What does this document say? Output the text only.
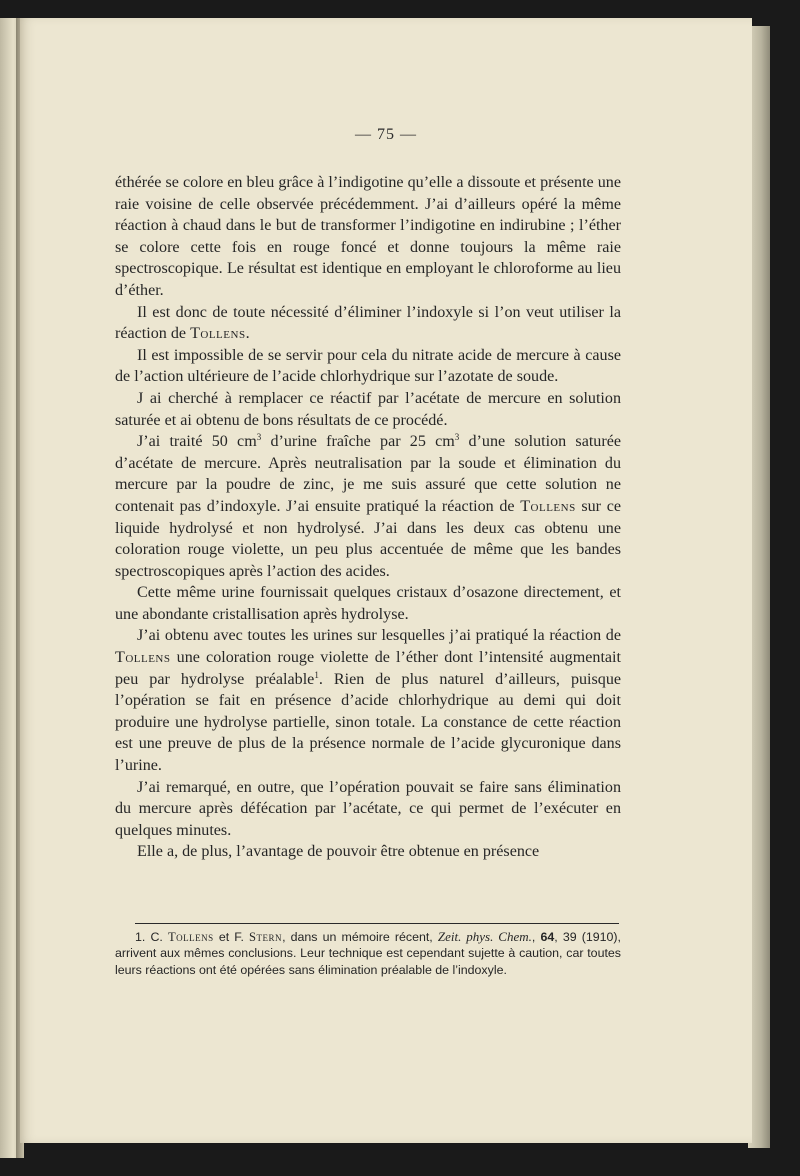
— 75 —

éthérée se colore en bleu grâce à l’indigotine qu’elle a dissoute et présente une raie voisine de celle observée précédemment. J’ai d’ailleurs opéré la même réaction à chaud dans le but de transformer l’indigotine en indirubine ; l’éther se colore cette fois en rouge foncé et donne toujours la même raie spectroscopique. Le résultat est identique en employant le chloroforme au lieu d’éther.

Il est donc de toute nécessité d’éliminer l’indoxyle si l’on veut utiliser la réaction de Tollens.

Il est impossible de se servir pour cela du nitrate acide de mercure à cause de l’action ultérieure de l’acide chlorhydrique sur l’azotate de soude.

J ai cherché à remplacer ce réactif par l’acétate de mercure en solution saturée et ai obtenu de bons résultats de ce procédé.

J’ai traité 50 $cm^3$ d’urine fraîche par 25 $cm^3$ d’une solution saturée d’acétate de mercure. Après neutralisation par la soude et élimination du mercure par la poudre de zinc, je me suis assuré que cette solution ne contenait pas d’indoxyle. J’ai ensuite pratiqué la réaction de Tollens sur ce liquide hydrolysé et non hydrolysé. J’ai dans les deux cas obtenu une coloration rouge violette, un peu plus accentuée de même que les bandes spectroscopiques après l’action des acides.

Cette même urine fournissait quelques cristaux d’osazone directement, et une abondante cristallisation après hydrolyse.

J’ai obtenu avec toutes les urines sur lesquelles j’ai pratiqué la réaction de Tollens une coloration rouge violette de l’éther dont l’intensité augmentait peu par hydrolyse préalable$^1$. Rien de plus naturel d’ailleurs, puisque l’opération se fait en présence d’acide chlorhydrique au demi qui doit produire une hydrolyse partielle, sinon totale. La constance de cette réaction est une preuve de plus de la présence normale de l’acide glycuronique dans l’urine.

J’ai remarqué, en outre, que l’opération pouvait se faire sans élimination du mercure après défécation par l’acétate, ce qui permet de l’exécuter en quelques minutes.

Elle a, de plus, l’avantage de pouvoir être obtenue en présence

1. C. Tollens et F. Stern, dans un mémoire récent, Zeit. phys. Chem., 64, 39 (1910), arrivent aux mêmes conclusions. Leur technique est cependant sujette à caution, car toutes leurs réactions ont été opérées sans élimination préalable de l’indoxyle.
